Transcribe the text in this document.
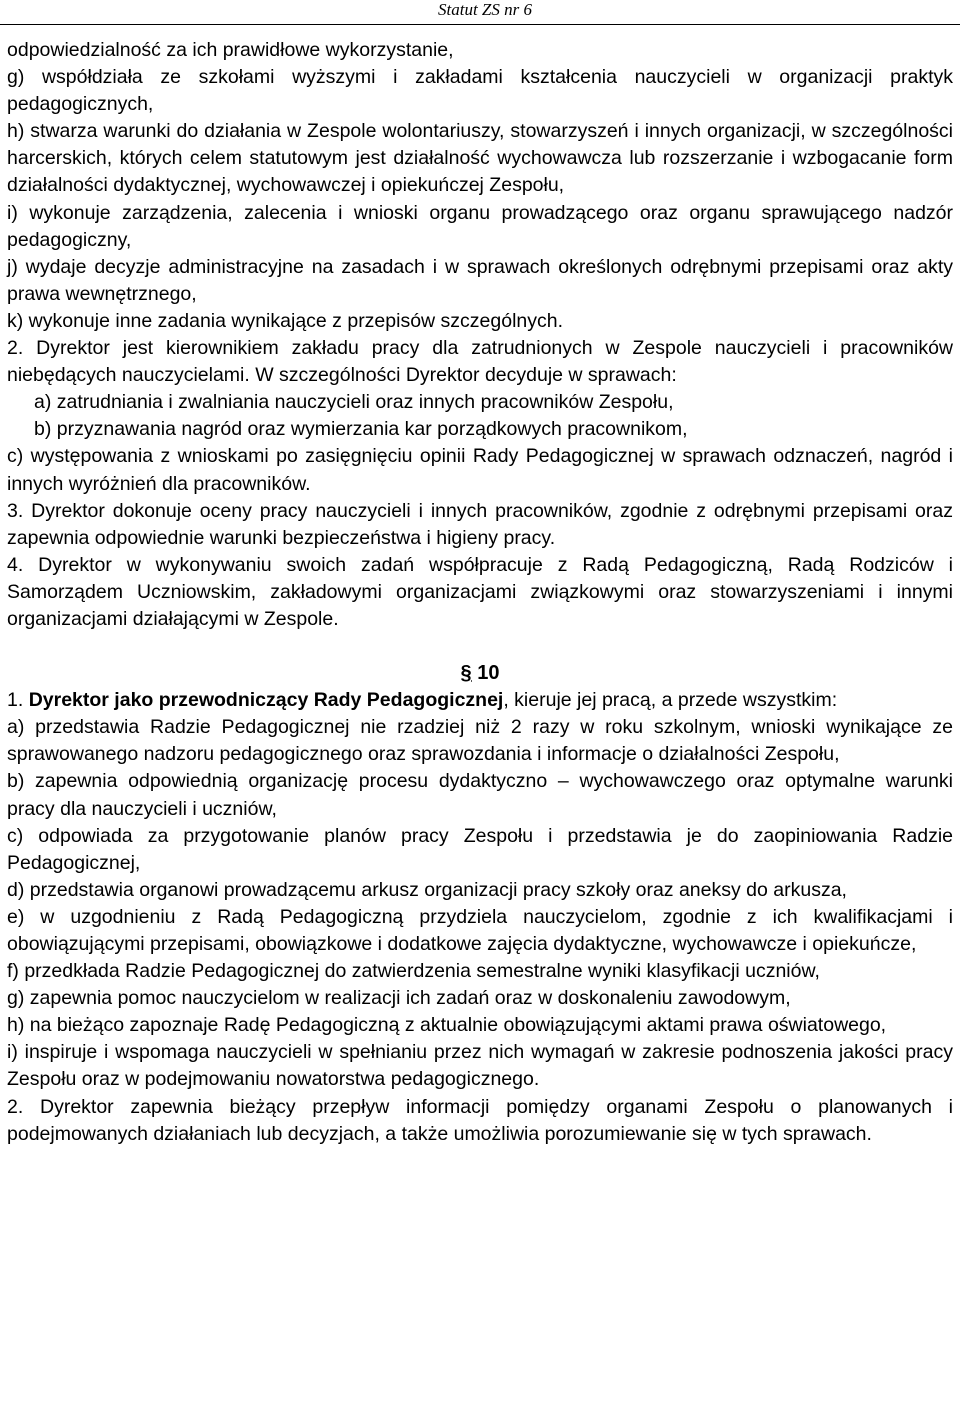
Statut ZS nr 6

odpowiedzialność za ich prawidłowe wykorzystanie,

g) współdziała ze szkołami wyższymi i zakładami kształcenia nauczycieli w organizacji praktyk pedagogicznych,

h) stwarza warunki do działania w Zespole wolontariuszy, stowarzyszeń i innych organizacji, w szczególności harcerskich, których celem statutowym jest działalność wychowawcza lub rozszerzanie i wzbogacanie form działalności dydaktycznej, wychowawczej i opiekuńczej Zespołu,

i) wykonuje zarządzenia, zalecenia i wnioski organu prowadzącego oraz organu sprawującego nadzór pedagogiczny,

j) wydaje decyzje administracyjne na zasadach i w sprawach określonych odrębnymi przepisami oraz akty prawa wewnętrznego,

k) wykonuje inne zadania wynikające z przepisów szczególnych.

2. Dyrektor jest kierownikiem zakładu pracy dla zatrudnionych w Zespole nauczycieli i pracowników niebędących nauczycielami. W szczególności Dyrektor decyduje w sprawach:

a) zatrudniania i zwalniania nauczycieli oraz innych pracowników Zespołu,

b) przyznawania nagród oraz wymierzania kar porządkowych pracownikom,

c) występowania z wnioskami po zasięgnięciu opinii Rady Pedagogicznej w sprawach odznaczeń, nagród i innych wyróżnień dla pracowników.

3. Dyrektor dokonuje oceny pracy nauczycieli i innych pracowników, zgodnie z odrębnymi przepisami oraz zapewnia odpowiednie warunki bezpieczeństwa i higieny pracy.

4. Dyrektor w wykonywaniu swoich zadań współpracuje z Radą Pedagogiczną, Radą Rodziców i Samorządem Uczniowskim, zakładowymi organizacjami związkowymi oraz stowarzyszeniami i innymi organizacjami działającymi w Zespole.

§ 10

1. Dyrektor jako przewodniczący Rady Pedagogicznej, kieruje jej pracą, a przede wszystkim:

a) przedstawia Radzie Pedagogicznej nie rzadziej niż 2 razy w roku szkolnym, wnioski wynikające ze sprawowanego nadzoru pedagogicznego oraz sprawozdania i informacje o działalności Zespołu,

b) zapewnia odpowiednią organizację procesu dydaktyczno – wychowawczego oraz optymalne warunki pracy dla nauczycieli i uczniów,

c) odpowiada za przygotowanie planów pracy Zespołu i przedstawia je do zaopiniowania Radzie Pedagogicznej,

d) przedstawia organowi prowadzącemu arkusz organizacji pracy szkoły oraz aneksy do arkusza,

e) w uzgodnieniu z Radą Pedagogiczną przydziela nauczycielom, zgodnie z ich kwalifikacjami i obowiązującymi przepisami, obowiązkowe i dodatkowe zajęcia dydaktyczne, wychowawcze i opiekuńcze,

f) przedkłada Radzie Pedagogicznej do zatwierdzenia semestralne wyniki klasyfikacji uczniów,

g) zapewnia pomoc nauczycielom w realizacji ich zadań oraz w doskonaleniu zawodowym,

h) na bieżąco zapoznaje Radę Pedagogiczną z aktualnie obowiązującymi aktami prawa oświatowego,

i) inspiruje i wspomaga nauczycieli w spełnianiu przez nich wymagań w zakresie podnoszenia jakości pracy Zespołu oraz w podejmowaniu nowatorstwa pedagogicznego.

2. Dyrektor zapewnia bieżący przepływ informacji pomiędzy organami Zespołu o planowanych i podejmowanych działaniach lub decyzjach, a także umożliwia porozumiewanie się w tych sprawach.
